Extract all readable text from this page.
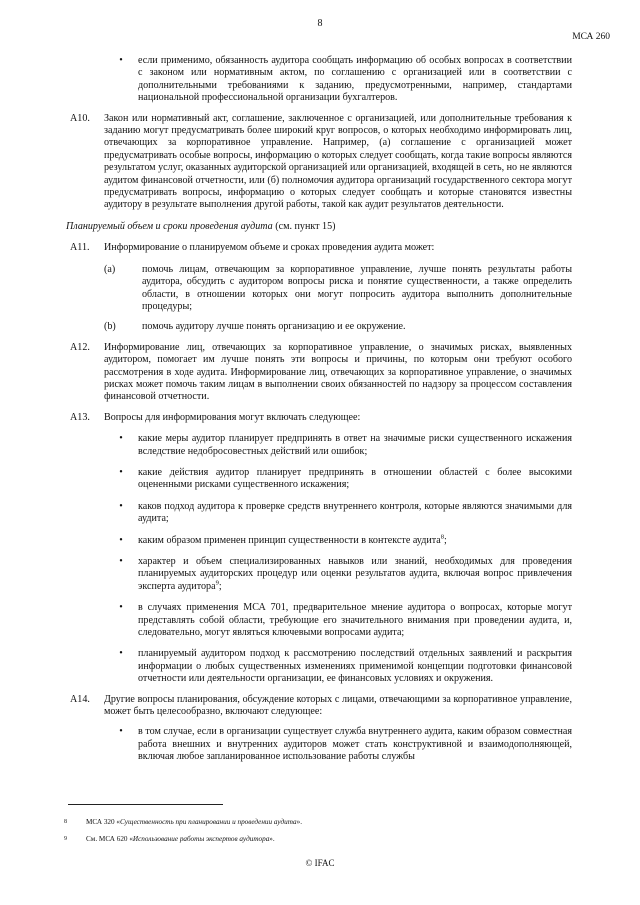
8
МСА 260
•	если применимо, обязанность аудитора сообщать информацию об особых вопросах в соответствии с законом или нормативным актом, по соглашению с организацией или в соответствии с дополнительными требованиями к заданию, предусмотренными, например, стандартами национальной профессиональной организации бухгалтеров.
A10.	Закон или нормативный акт, соглашение, заключенное с организацией, или дополнительные требования к заданию могут предусматривать более широкий круг вопросов, о которых необходимо информировать лиц, отвечающих за корпоративное управление. Например, (а) соглашение с организацией может предусматривать особые вопросы, информацию о которых следует сообщать, когда такие вопросы являются результатом услуг, оказанных аудиторской организацией или организацией, входящей в сеть, но не являются аудитом финансовой отчетности, или (б) полномочия аудитора организаций государственного сектора могут предусматривать вопросы, информацию о которых следует сообщать и которые становятся известны аудитору в результате выполнения другой работы, такой как аудит результатов деятельности.
Планируемый объем и сроки проведения аудита (см. пункт 15)
A11.	Информирование о планируемом объеме и сроках проведения аудита может:
(a)	помочь лицам, отвечающим за корпоративное управление, лучше понять результаты работы аудитора, обсудить с аудитором вопросы риска и понятие существенности, а также определить области, в отношении которых они могут попросить аудитора выполнить дополнительные процедуры;
(b)	помочь аудитору лучше понять организацию и ее окружение.
A12.	Информирование лиц, отвечающих за корпоративное управление, о значимых рисках, выявленных аудитором, помогает им лучше понять эти вопросы и причины, по которым они требуют особого рассмотрения в ходе аудита. Информирование лиц, отвечающих за корпоративное управление, о значимых рисках может помочь таким лицам в выполнении своих обязанностей по надзору за процессом составления финансовой отчетности.
A13.	Вопросы для информирования могут включать следующее:
•	какие меры аудитор планирует предпринять в ответ на значимые риски существенного искажения вследствие недобросовестных действий или ошибок;
•	какие действия аудитор планирует предпринять в отношении областей с более высокими оцененными рисками существенного искажения;
•	каков подход аудитора к проверке средств внутреннего контроля, которые являются значимыми для аудита;
•	каким образом применен принцип существенности в контексте аудита$^8$;
•	характер и объем специализированных навыков или знаний, необходимых для проведения планируемых аудиторских процедур или оценки результатов аудита, включая вопрос привлечения эксперта аудитора$^9$;
•	в случаях применения МСА 701, предварительное мнение аудитора о вопросах, которые могут представлять собой области, требующие его значительного внимания при проведении аудита, и, следовательно, могут являться ключевыми вопросами аудита;
•	планируемый аудитором подход к рассмотрению последствий отдельных заявлений и раскрытия информации о любых существенных изменениях применимой концепции подготовки финансовой отчетности или деятельности организации, ее финансовых условиях и окружения.
A14.	Другие вопросы планирования, обсуждение которых с лицами, отвечающими за корпоративное управление, может быть целесообразно, включают следующее:
•	в том случае, если в организации существует служба внутреннего аудита, каким образом совместная работа внешних и внутренних аудиторов может стать конструктивной и взаимодополняющей, включая любое запланированное использование работы службы
8	МСА 320 «Существенность при планировании и проведении аудита».
9	См. МСА 620 «Использование работы экспертов аудитора».
© IFAC
